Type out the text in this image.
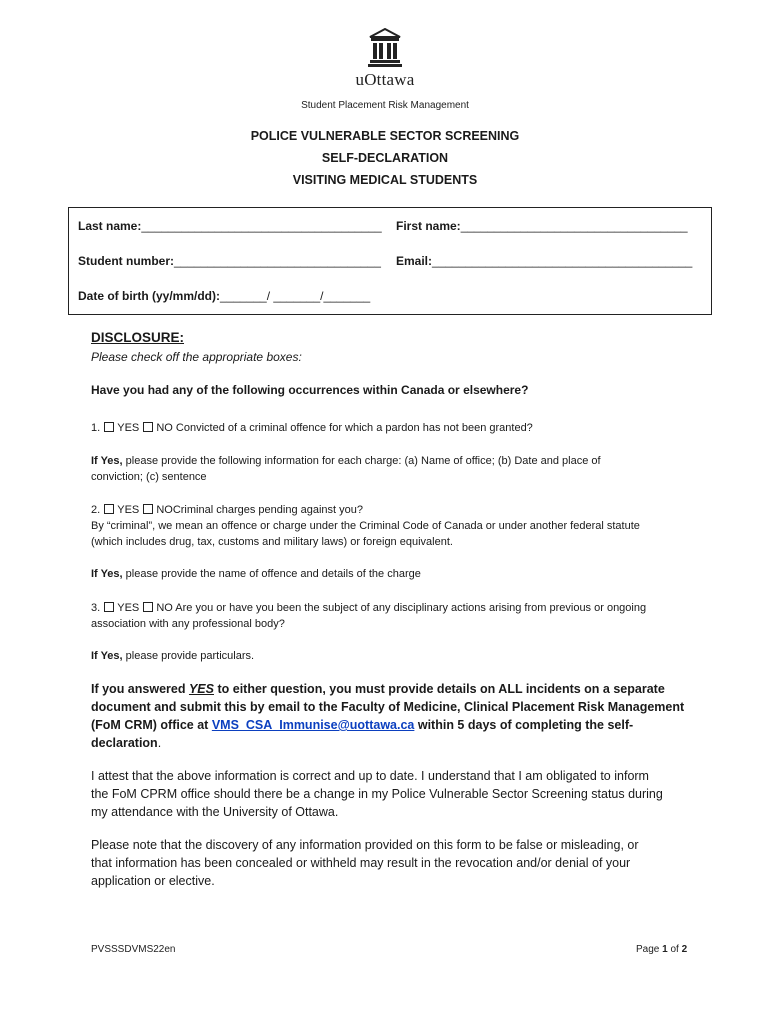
uOttawa
Student Placement Risk Management
POLICE VULNERABLE SECTOR SCREENING
SELF-DECLARATION
VISITING MEDICAL STUDENTS
Last name:____________________________________ First name:__________________________________
Student number:_______________________________ Email:_______________________________________
Date of birth (yy/mm/dd):_______/ _______/_______
DISCLOSURE:
Please check off the appropriate boxes:
Have you had any of the following occurrences within Canada or elsewhere?
1. YES NO Convicted of a criminal offence for which a pardon has not been granted?
If Yes, please provide the following information for each charge: (a) Name of office; (b) Date and place of
conviction; (c) sentence
2. YES NOCriminal charges pending against you?
By “criminal”, we mean an offence or charge under the Criminal Code of Canada or under another federal statute
(which includes drug, tax, customs and military laws) or foreign equivalent.
If Yes, please provide the name of offence and details of the charge
3. YES NO Are you or have you been the subject of any disciplinary actions arising from previous or ongoing
association with any professional body?
If Yes, please provide particulars.
If you answered YES to either question, you must provide details on ALL incidents on a separate
document and submit this by email to the Faculty of Medicine, Clinical Placement Risk Management
(FoM CRM) office at VMS_CSA_Immunise@uottawa.ca within 5 days of completing the self-
declaration.
I attest that the above information is correct and up to date. I understand that I am obligated to inform
the FoM CPRM office should there be a change in my Police Vulnerable Sector Screening status during
my attendance with the University of Ottawa.
Please note that the discovery of any information provided on this form to be false or misleading, or
that information has been concealed or withheld may result in the revocation and/or denial of your
application or elective.
PVSSSDVMS22en	Page 1 of 2
